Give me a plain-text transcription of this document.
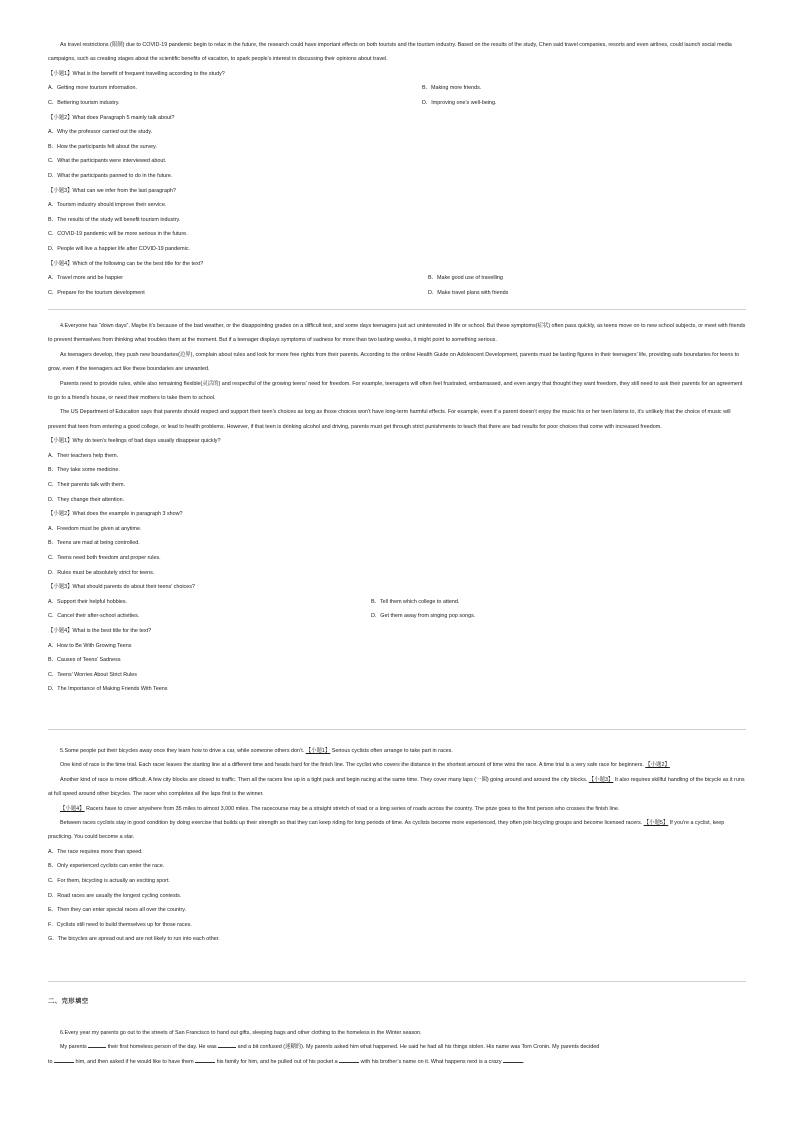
As travel restrictions (限制) due to COVID-19 pandemic begin to relax in the future, the research could have important effects on both tourists and the tourism industry. Based on the results of the study, Chen said travel companies, resorts and even airlines, could launch social media campaigns, such as creating stages about the scientific benefits of vacation, to spark people’s interest in discussing their opinions about travel.

【小题1】What is the benefit of frequent travelling according to the study?
A．Getting more tourism information.	B．Making more friends.
C．Bettering tourism industry.	D．Improving one’s well-being.
【小题2】What does Paragraph 5 mainly talk about?
A．Why the professor carried out the study.
B．How the participants felt about the survey.
C．What the participants were interviewed about.
D．What the participants panned to do in the future.
【小题3】What can we infer from the last paragraph?
A．Tourism industry should improve their service.
B．The results of the study will benefit tourism industry.
C．COVID-19 pandemic will be more serious in the future.
D．People will live a happier life after COVID-19 pandemic.
【小题4】Which of the following can be the best title for the text?
A．Travel more and be happier	B．Make good use of travelling
C．Prepare for the tourism development	D．Make travel plans with friends

4.Everyone has “down days”. Maybe it’s because of the bad weather, or the disappointing grades on a difficult test, and some days teenagers just act uninterested in life or school. But these symptoms(症状) often pass quickly, as teens move on to new school subjects, or meet with friends to prevent themselves from thinking what troubles them at the moment. But if a teenager displays symptoms of sadness for more than two lasting weeks, it might point to something serious.

As teenagers develop, they push new boundaries(边界), complain about rules and look for more free rights from their parents. According to the online Health Guide on Adolescent Development, parents must be lasting figures in their teenagers’ life, providing safe boundaries for teens to grow, even if the teenagers act like these boundaries are unwanted.

Parents need to provide rules, while also remaining flexible(灵活的) and respectful of the growing teens’ need for freedom. For example, teenagers will often feel frustrated, embarrassed, and even angry that thought they want freedom, they still need to ask their parents for an agreement to go to a friend’s house, or need their mothers to take them to school.

The US Department of Education says that parents should respect and support their teen’s choices as long as those choices won’t have long-term harmful effects. For example, even if a parent doesn’t enjoy the music his or her teen listens to, it’s unlikely that the choice of music will prevent that teen from entering a good college, or lead to health problems. However, if that teen is drinking alcohol and driving, parents must get through strict punishments to teach that there are bad results for poor choices that come with increased freedom.

【小题1】Why do teen’s feelings of bad days usually disappear quickly?
A．Their teachers help them.
B．They take some medicine.
C．Their parents talk with them.
D．They change their attention.
【小题2】What does the example in paragraph 3 show?
A．Freedom must be given at anytime.
B．Teens are mad at being controlled.
C．Teens need both freedom and proper rules.
D．Rules must be absolutely strict for teens.
【小题3】What should parents do about their teens’ choices?
A．Support their helpful hobbies.	B．Tell them which college to attend.
C．Cancel their after-school activities.	D．Get them away from singing pop songs.
【小题4】What is the best title for the text?
A．How to Be With Growing Teens
B．Causes of Teens’ Sadness
C．Teens’ Worries About Strict Rules
D．The Importance of Making Friends With Teens

5.Some people put their bicycles away once they learn how to drive a car, while someone others don’t. 【小题1】 Serious cyclists often arrange to take part in races.

One kind of race is the time trial. Each racer leaves the starting line at a different time and heads hard for the finish line. The cyclist who covers the distance in the shortest amount of time wins the race. A time trial is a very safe race for beginners. 【小题2】

Another kind of race is more difficult. A few city blocks are closed to traffic. Then all the racers line up in a tight pack and begin racing at the same time. They cover many laps (一圈) going around and around the city blocks. 【小题3】 It also requires skillful handling of the bicycle as it runs at full speed around other bicycles. The racer who completes all the laps first is the winner.

【小题4】 Racers have to cover anywhere from 35 miles to almost 3,000 miles. The racecourse may be a straight stretch of road or a long series of roads across the country. The prize goes to the first person who crosses the finish line.

Between races cyclists stay in good condition by doing exercise that builds up their strength so that they can keep riding for long periods of time. As cyclists become more experienced, they often join bicycling groups and become licensed racers. 【小题5】 If you’re a cyclist, keep practicing. You could become a star.

A．The race requires more than speed.
B．Only experienced cyclists can enter the race.
C．For them, bicycling is actually an exciting sport.
D．Road races are usually the longest cycling contests.
E．Then they can enter special races all over the country.
F．Cyclists still need to build themselves up for those races.
G．The bicycles are spread out and are not likely to run into each other.
二、完形填空

6.Every year my parents go out to the streets of San Francisco to hand out gifts, sleeping bags and other clothing to the homeless in the Winter season.

My parents	their first homeless person of the day. He was	and a bit confused (迷糊的). My parents asked him what happened. He said he had all his things stolen. His name was Tom Cronin. My parents decided

to	him, and then asked if he would like to have them	his family for him, and he pulled out of his pocket a	with his brother’s name on it. What happens next is a crazy	.
